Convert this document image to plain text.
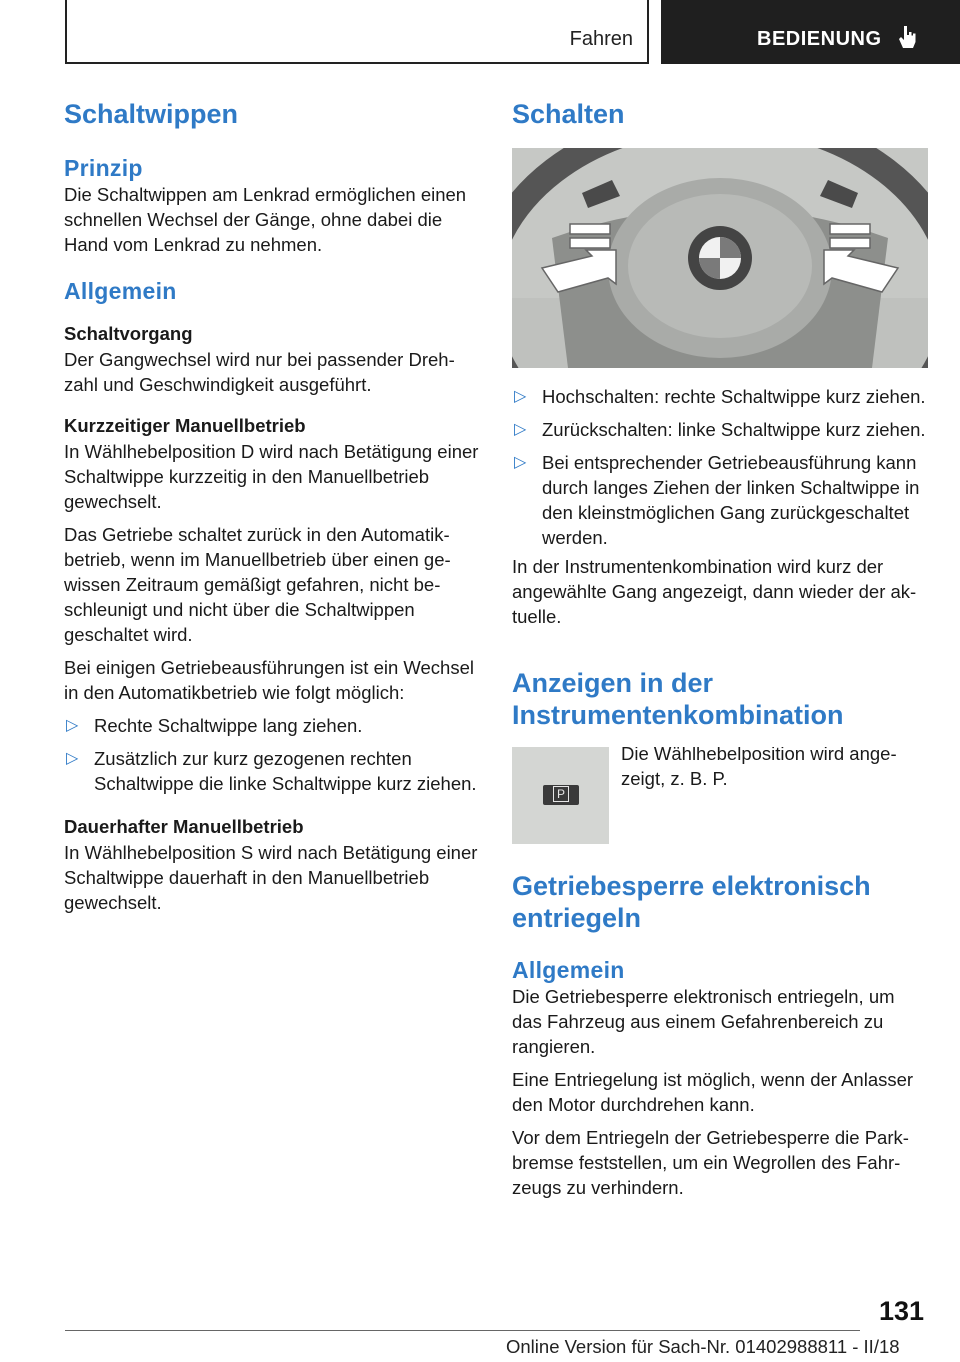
Fahren	BEDIENUNG
Schaltwippen
Prinzip

Die Schaltwippen am Lenkrad ermöglichen einen schnellen Wechsel der Gänge, ohne dabei die Hand vom Lenkrad zu nehmen.

Allgemein
Schaltvorgang

Der Gangwechsel wird nur bei passender Drehzahl und Geschwindigkeit ausgeführt.

Kurzzeitiger Manuellbetrieb

In Wählhebelposition D wird nach Betätigung einer Schaltwippe kurzzeitig in den Manuellbetrieb gewechselt.

Das Getriebe schaltet zurück in den Automatikbetrieb, wenn im Manuellbetrieb über einen gewissen Zeitraum gemäßigt gefahren, nicht beschleunigt und nicht über die Schaltwippen geschaltet wird.

Bei einigen Getriebeausführungen ist ein Wechsel in den Automatikbetrieb wie folgt möglich:

▷ Rechte Schaltwippe lang ziehen.
▷ Zusätzlich zur kurz gezogenen rechten Schaltwippe die linke Schaltwippe kurz ziehen.
Dauerhafter Manuellbetrieb

In Wählhebelposition S wird nach Betätigung einer Schaltwippe dauerhaft in den Manuellbetrieb gewechselt.

Schalten
▷ Hochschalten: rechte Schaltwippe kurz ziehen.
▷ Zurückschalten: linke Schaltwippe kurz ziehen.
▷ Bei entsprechender Getriebeausführung kann durch langes Ziehen der linken Schaltwippe in den kleinstmöglichen Gang zurückgeschaltet werden.

In der Instrumentenkombination wird kurz der angewählte Gang angezeigt, dann wieder der aktuelle.

Anzeigen in der Instrumentenkombination
P

Die Wählhebelposition wird angezeigt, z. B. P.

Getriebesperre elektronisch entriegeln
Allgemein

Die Getriebesperre elektronisch entriegeln, um das Fahrzeug aus einem Gefahrenbereich zu rangieren.

Eine Entriegelung ist möglich, wenn der Anlasser den Motor durchdrehen kann.

Vor dem Entriegeln der Getriebesperre die Parkbremse feststellen, um ein Wegrollen des Fahrzeugs zu verhindern.

131
Online Version für Sach-Nr. 01402988811 - II/18
